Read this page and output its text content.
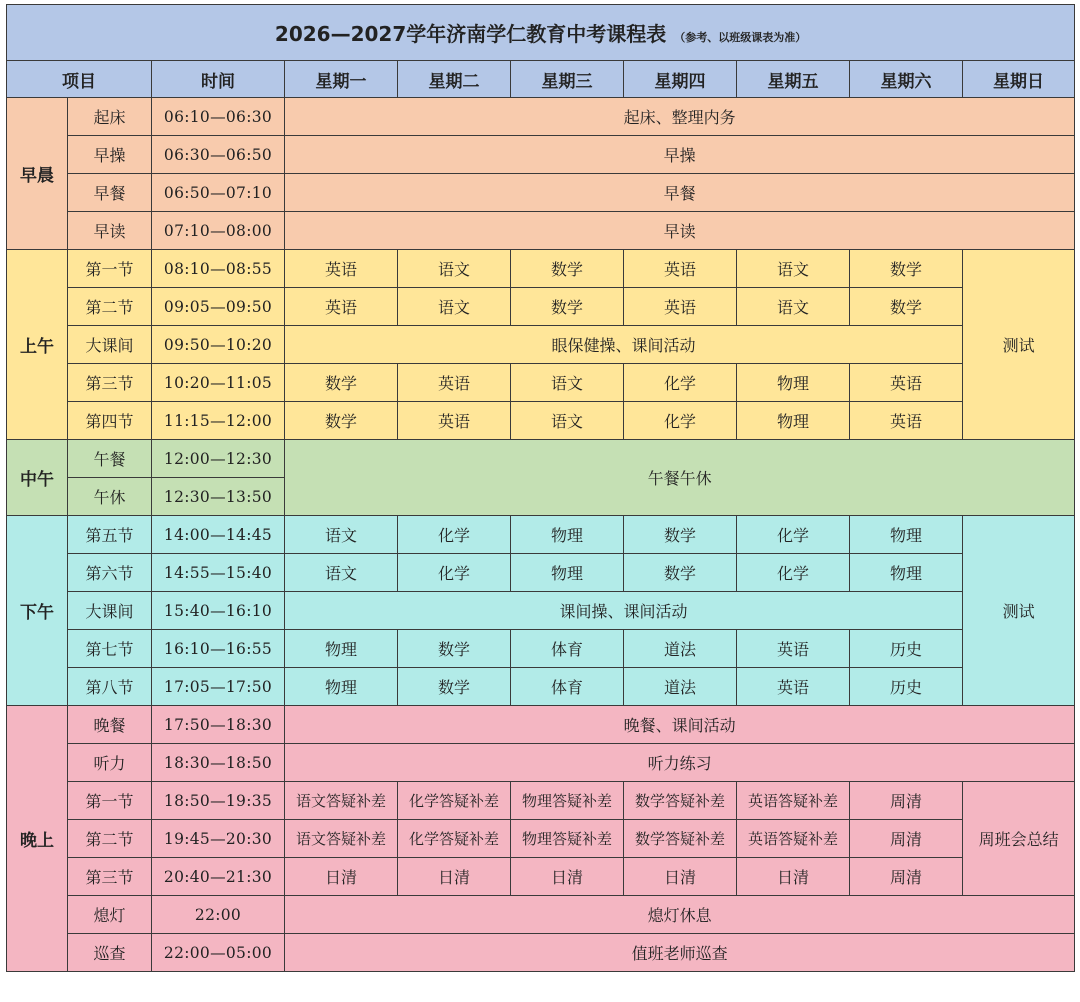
2026—2027学年济南学仁教育中考课程表 （参考、以班级课表为准）									
项目		时间	星期一	星期二	星期三	星期四	星期五	星期六	星期日
早晨	起床	06:10—06:30	起床、整理内务						
	早操	06:30—06:50	早操						
	早餐	06:50—07:10	早餐						
	早读	07:10—08:00	早读						
上午	第一节	08:10—08:55	英语	语文	数学	英语	语文	数学	测试
	第二节	09:05—09:50	英语	语文	数学	英语	语文	数学	
	大课间	09:50—10:20	眼保健操、课间活动						
	第三节	10:20—11:05	数学	英语	语文	化学	物理	英语	
	第四节	11:15—12:00	数学	英语	语文	化学	物理	英语	
中午	午餐	12:00—12:30	午餐午休						
	午休	12:30—13:50							
下午	第五节	14:00—14:45	语文	化学	物理	数学	化学	物理	测试
	第六节	14:55—15:40	语文	化学	物理	数学	化学	物理	
	大课间	15:40—16:10	课间操、课间活动						
	第七节	16:10—16:55	物理	数学	体育	道法	英语	历史	
	第八节	17:05—17:50	物理	数学	体育	道法	英语	历史	
晚上	晚餐	17:50—18:30	晚餐、课间活动						
	听力	18:30—18:50	听力练习						
	第一节	18:50—19:35	语文答疑补差	化学答疑补差	物理答疑补差	数学答疑补差	英语答疑补差	周清	周班会总结
	第二节	19:45—20:30	语文答疑补差	化学答疑补差	物理答疑补差	数学答疑补差	英语答疑补差	周清	
	第三节	20:40—21:30	日清	日清	日清	日清	日清	周清	
	熄灯	22:00	熄灯休息						
	巡查	22:00—05:00	值班老师巡查						
